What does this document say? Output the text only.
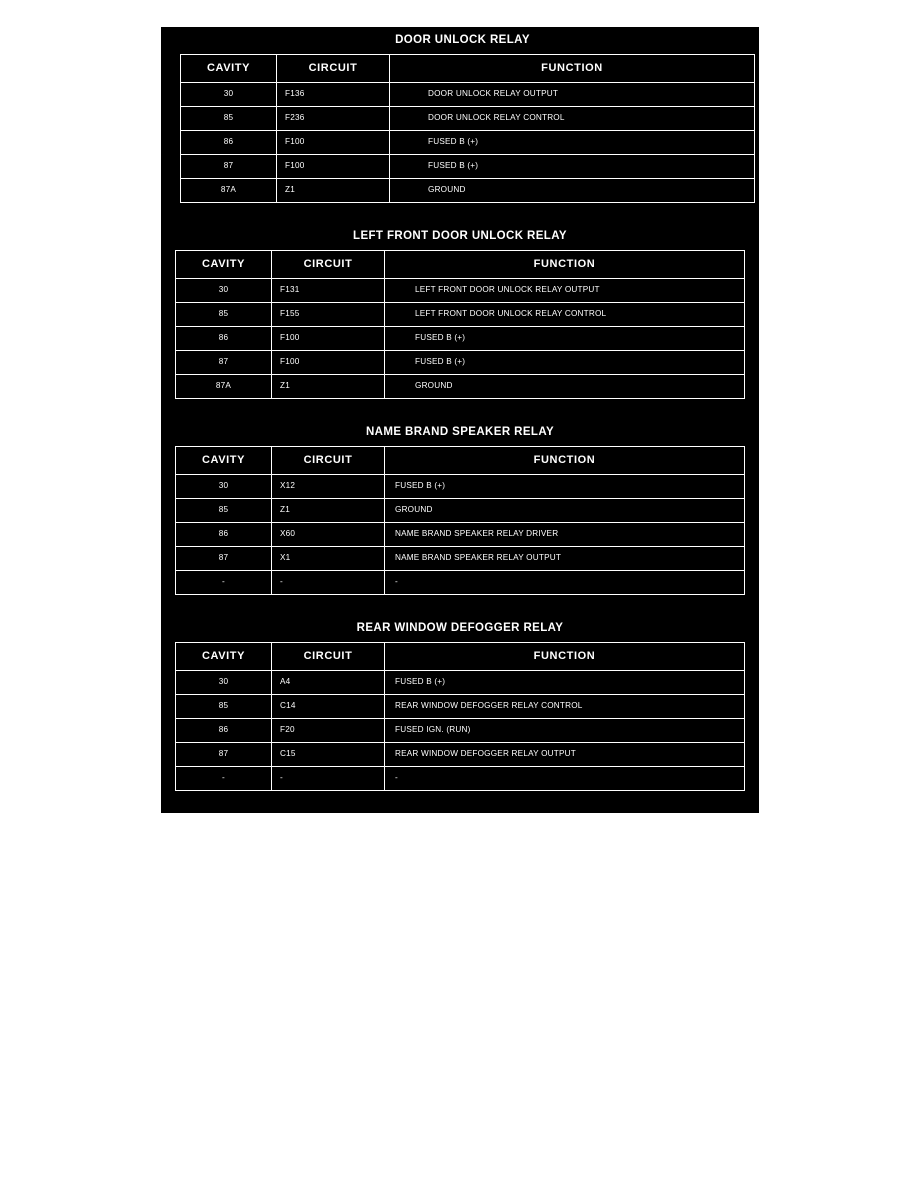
DOOR UNLOCK RELAY
CAVITY	CIRCUIT	FUNCTION
30	F136	DOOR UNLOCK RELAY OUTPUT
85	F236	DOOR UNLOCK RELAY CONTROL
86	F100	FUSED B (+)
87	F100	FUSED B (+)
87A	Z1	GROUND
LEFT FRONT DOOR UNLOCK RELAY
CAVITY	CIRCUIT	FUNCTION
30	F131	LEFT FRONT DOOR UNLOCK RELAY OUTPUT
85	F155	LEFT FRONT DOOR UNLOCK RELAY CONTROL
86	F100	FUSED B (+)
87	F100	FUSED B (+)
87A	Z1	GROUND
NAME BRAND SPEAKER RELAY
CAVITY	CIRCUIT	FUNCTION
30	X12	FUSED B (+)
85	Z1	GROUND
86	X60	NAME BRAND SPEAKER RELAY DRIVER
87	X1	NAME BRAND SPEAKER RELAY OUTPUT
-	-	-
REAR WINDOW DEFOGGER RELAY
CAVITY	CIRCUIT	FUNCTION
30	A4	FUSED B (+)
85	C14	REAR WINDOW DEFOGGER RELAY CONTROL
86	F20	FUSED IGN. (RUN)
87	C15	REAR WINDOW DEFOGGER RELAY OUTPUT
-	-	-
